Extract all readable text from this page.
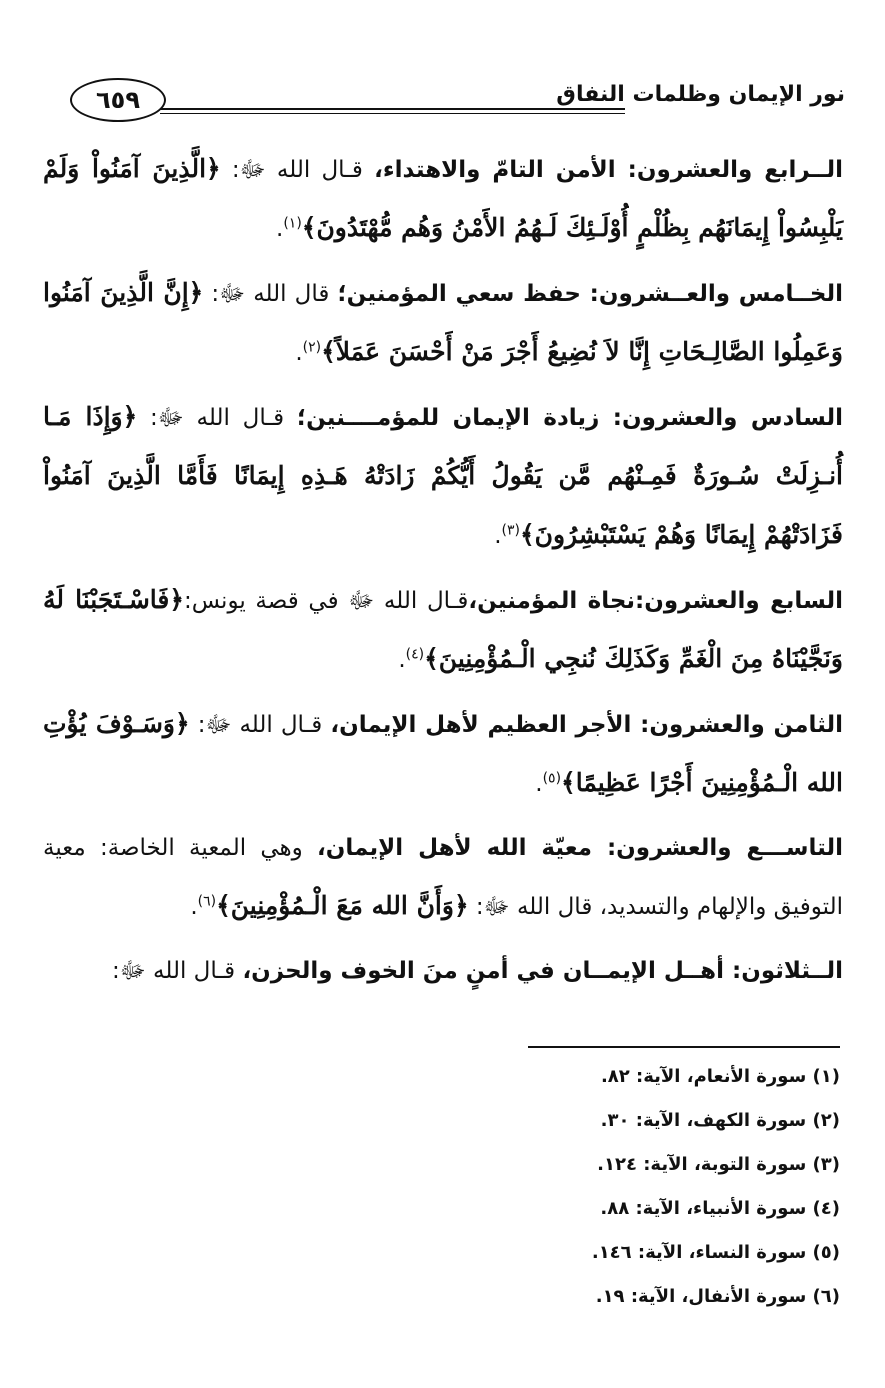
نور الإيمان وظلمات النفاق
٦٥٩

الــرابع والعشرون: الأمن التامّ والاهتداء، قـال الله ﷻ: ﴿الَّذِينَ آمَنُواْ وَلَمْ يَلْبِسُواْ إِيمَانَهُم بِظُلْمٍ أُوْلَـئِكَ لَـهُمُ الأَمْنُ وَهُم مُّهْتَدُونَ﴾$^{(١)}$.

الخــامس والعــشرون: حفظ سعي المؤمنين؛ قال الله ﷻ: ﴿إِنَّ الَّذِينَ آمَنُوا وَعَمِلُوا الصَّالِـحَاتِ إِنَّا لاَ نُضِيعُ أَجْرَ مَنْ أَحْسَنَ عَمَلاً﴾$^{(٢)}$.

السادس والعشرون: زيادة الإيمان للمؤمــــنين؛ قـال الله ﷻ: ﴿وَإِذَا مَـا أُنـزِلَتْ سُـورَةٌ فَمِـنْهُم مَّن يَقُولُ أَيُّكُمْ زَادَتْهُ هَـذِهِ إِيمَانًا فَأَمَّا الَّذِينَ آمَنُواْ فَزَادَتْهُمْ إِيمَانًا وَهُمْ يَسْتَبْشِرُونَ﴾$^{(٣)}$.

السابع والعشرون:نجاة المؤمنين،قـال الله ﷻ في قصة يونس:﴿فَاسْـتَجَبْنَا لَهُ وَنَجَّيْنَاهُ مِنَ الْغَمِّ وَكَذَلِكَ نُنجِي الْـمُؤْمِنِينَ﴾$^{(٤)}$.

الثامن والعشرون: الأجر العظيم لأهل الإيمان، قـال الله ﷻ: ﴿وَسَـوْفَ يُؤْتِ الله الْـمُؤْمِنِينَ أَجْرًا عَظِيمًا﴾$^{(٥)}$.

التاســـع والعشرون: معيّة الله لأهل الإيمان، وهي المعية الخاصة: معية التوفيق والإلهام والتسديد، قال الله ﷻ: ﴿وَأَنَّ الله مَعَ الْـمُؤْمِنِينَ﴾$^{(٦)}$.

الــثلاثون: أهــل الإيمــان في أمنٍ منَ الخوف والحزن، قـال الله ﷻ:

(١) سورة الأنعام، الآية: ٨٢.
(٢) سورة الكهف، الآية: ٣٠.
(٣) سورة التوبة، الآية: ١٢٤.
(٤) سورة الأنبياء، الآية: ٨٨.
(٥) سورة النساء، الآية: ١٤٦.
(٦) سورة الأنفال، الآية: ١٩.
